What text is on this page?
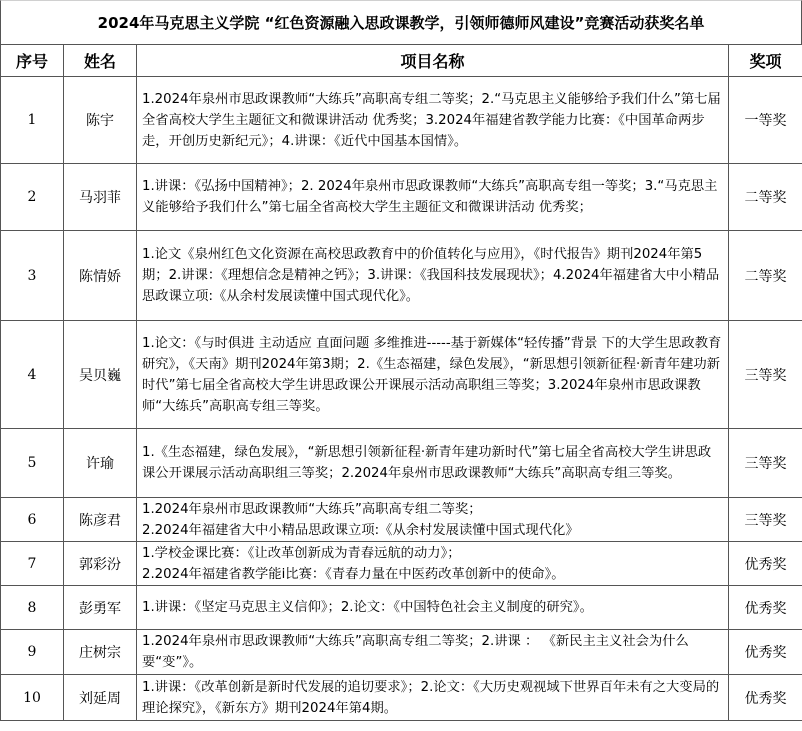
2024年马克思主义学院 “红色资源融入思政课教学，引领师德师风建设”竞赛活动获奖名单
序号	姓名	项目名称	奖项
1	陈宇	1.2024年泉州市思政课教师“大练兵”高职高专组二等奖；2.“马克思主义能够给予我们什么”第七届全省高校大学生主题征文和微课讲活动 优秀奖；3.2024年福建省教学能力比赛：《中国革命两步走，开创历史新纪元》；4.讲课：《近代中国基本国情》。	一等奖
2	马羽菲	1.讲课：《弘扬中国精神》；2. 2024年泉州市思政课教师“大练兵”高职高专组一等奖；3.“马克思主义能够给予我们什么”第七届全省高校大学生主题征文和微课讲活动 优秀奖；	二等奖
3	陈情娇	1.论文《泉州红色文化资源在高校思政教育中的价值转化与应用》，《时代报告》期刊2024年第5期；2.讲课：《理想信念是精神之钙》；3.讲课：《我国科技发展现状》；4.2024年福建省大中小精品思政课立项:《从余村发展读懂中国式现代化》。	二等奖
4	吴贝巍	1.论文：《与时俱进 主动适应 直面问题 多维推进-----基于新媒体“轻传播”背景 下的大学生思政教育研究》，《天南》期刊2024年第3期；2.《生态福建，绿色发展》，“新思想引领新征程·新青年建功新时代”第七届全省高校大学生讲思政课公开课展示活动高职组三等奖；3.2024年泉州市思政课教师“大练兵”高职高专组三等奖。	三等奖
5	许瑜	1.《生态福建，绿色发展》，“新思想引领新征程·新青年建功新时代”第七届全省高校大学生讲思政课公开课展示活动高职组三等奖；2.2024年泉州市思政课教师“大练兵”高职高专组三等奖。	三等奖
6	陈彦君	1.2024年泉州市思政课教师“大练兵”高职高专组二等奖；
2.2024年福建省大中小精品思政课立项:《从余村发展读懂中国式现代化》	三等奖
7	郭彩汾	1.学校金课比赛：《让改革创新成为青春远航的动力》；
2.2024年福建省教学能i比赛：《青春力量在中医药改革创新中的使命》。	优秀奖
8	彭勇军	1.讲课：《坚定马克思主义信仰》；2.论文：《中国特色社会主义制度的研究》。	优秀奖
9	庄树宗	1.2024年泉州市思政课教师“大练兵”高职高专组二等奖；2.讲课 ： 《新民主主义社会为什么要“变”》。	优秀奖
10	刘延周	1.讲课：《改革创新是新时代发展的追切要求》；2.论文：《大历史观视域下世界百年未有之大变局的理论探究》，《新东方》期刊2024年第4期。	优秀奖
